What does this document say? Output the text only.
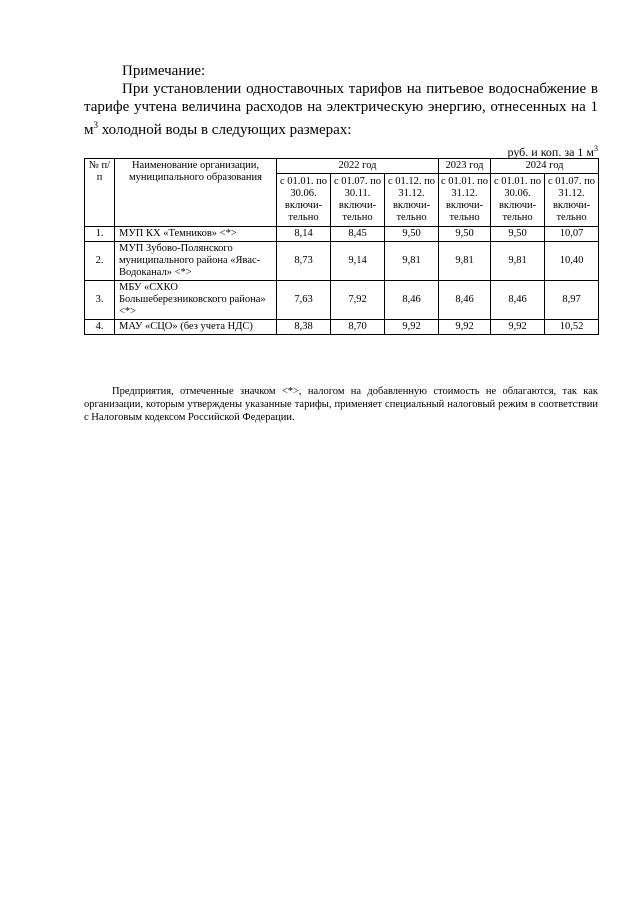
Примечание:
При установлении одноставочных тарифов на питьевое водоснабжение в тарифе учтена величина расходов на электрическую энергию, отнесенных на 1 $м^3$ холодной воды в следующих размерах:
руб. и коп. за 1 $м^3$
№ п/п	Наименование организации, муниципального образования	2022 год			2023 год	2024 год	
		с 01.01. по 30.06. включи-тельно	с 01.07. по 30.11. включи-тельно	с 01.12. по 31.12. включи-тельно	с 01.01. по 31.12. включи-тельно	с 01.01. по 30.06. включи-тельно	с 01.07. по 31.12. включи-тельно
1.	МУП КХ «Темников» <*>	8,14	8,45	9,50	9,50	9,50	10,07
2.	МУП Зубово-Полянского муниципального района «Явас-Водоканал» <*>	8,73	9,14	9,81	9,81	9,81	10,40
3.	МБУ «СХКО Большеберезниковского района» <*>	7,63	7,92	8,46	8,46	8,46	8,97
4.	МАУ «СЦО» (без учета НДС)	8,38	8,70	9,92	9,92	9,92	10,52
Предприятия, отмеченные значком <*>, налогом на добавленную стоимость не облагаются, так как организации, которым утверждены указанные тарифы, применяет специальный налоговый режим в соответствии с Налоговым кодексом Российской Федерации.
